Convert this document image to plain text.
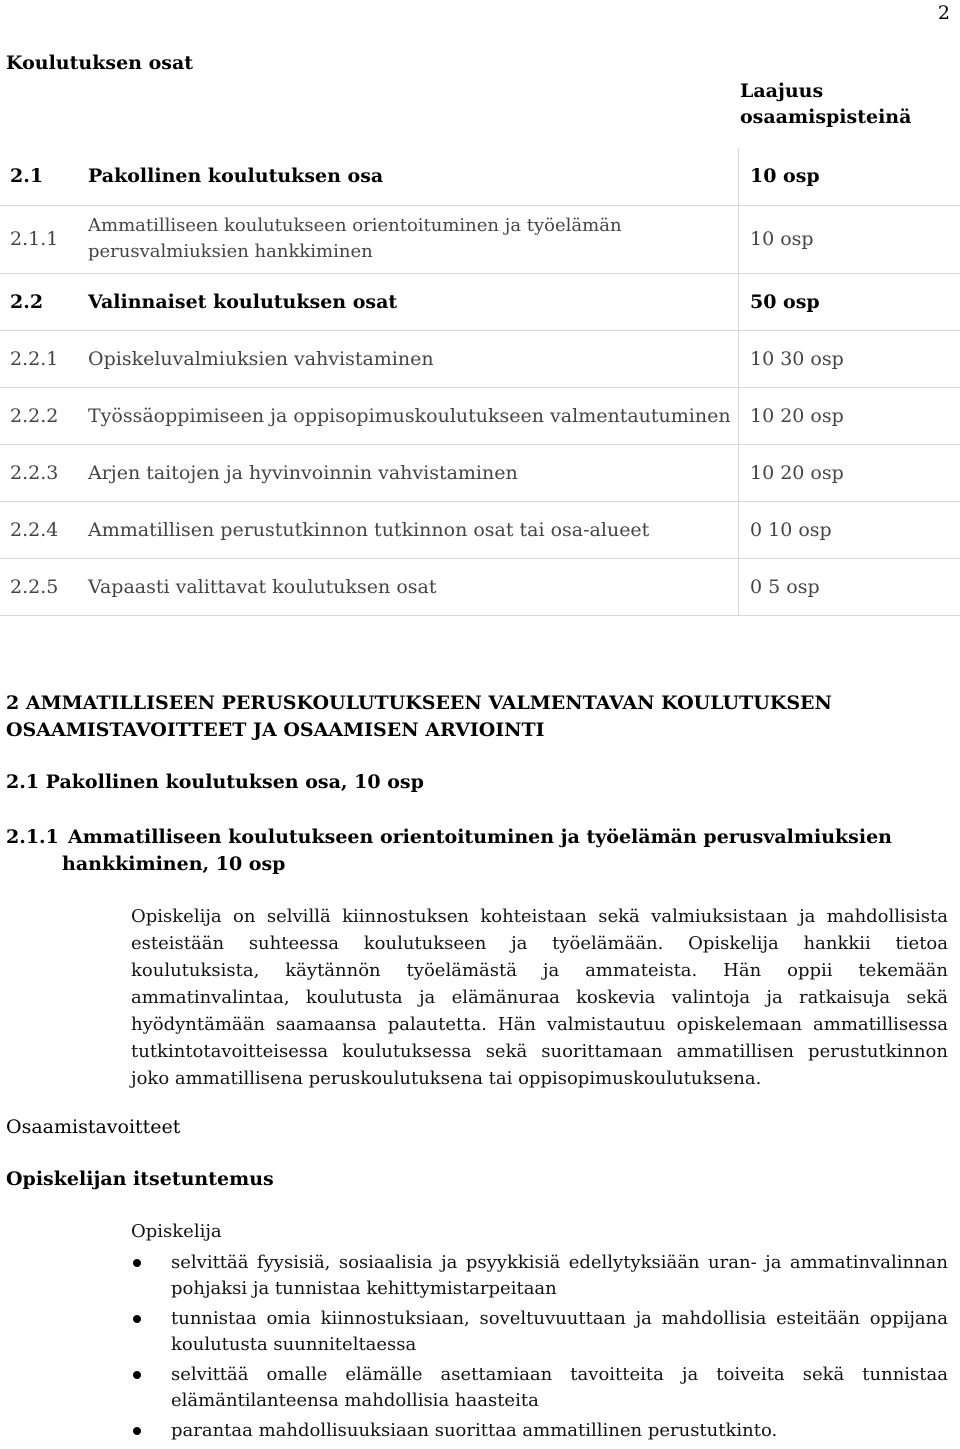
2
Koulutuksen osat
Laajuus
osaamispisteinä
2.1	Pakollinen koulutuksen osa	10 osp
2.1.1	Ammatilliseen koulutukseen orientoituminen ja työelämän perusvalmiuksien hankkiminen	10 osp
2.2	Valinnaiset koulutuksen osat	50 osp
2.2.1	Opiskeluvalmiuksien vahvistaminen	10 30 osp
2.2.2	Työssäoppimiseen ja oppisopimuskoulutukseen valmentautuminen	10 20 osp
2.2.3	Arjen taitojen ja hyvinvoinnin vahvistaminen	10 20 osp
2.2.4	Ammatillisen perustutkinnon tutkinnon osat tai osa-alueet	0 10 osp
2.2.5	Vapaasti valittavat koulutuksen osat	0 5 osp
2 AMMATILLISEEN PERUSKOULUTUKSEEN VALMENTAVAN KOULUTUKSEN OSAAMISTAVOITTEET JA OSAAMISEN ARVIOINTI
2.1 Pakollinen koulutuksen osa, 10 osp
2.1.1 Ammatilliseen koulutukseen orientoituminen ja työelämän perusvalmiuksien
hankkiminen, 10 osp
Opiskelija on selvillä kiinnostuksen kohteistaan sekä valmiuksistaan ja mahdollisista esteistään suhteessa koulutukseen ja työelämään. Opiskelija hankkii tietoa koulutuksista, käytännön työelämästä ja ammateista. Hän oppii tekemään ammatinvalintaa, koulutusta ja elämänuraa koskevia valintoja ja ratkaisuja sekä hyödyntämään saamaansa palautetta. Hän valmistautuu opiskelemaan ammatillisessa tutkintotavoitteisessa koulutuksessa sekä suorittamaan ammatillisen perustutkinnon joko ammatillisena peruskoulutuksena tai oppisopimuskoulutuksena.
Osaamistavoitteet
Opiskelijan itsetuntemus
Opiskelija
selvittää fyysisiä, sosiaalisia ja psyykkisiä edellytyksiään uran- ja ammatinvalinnan pohjaksi ja tunnistaa kehittymistarpeitaan
tunnistaa omia kiinnostuksiaan, soveltuvuuttaan ja mahdollisia esteitään oppijana koulutusta suunniteltaessa
selvittää omalle elämälle asettamiaan tavoitteita ja toiveita sekä tunnistaa elämäntilanteensa mahdollisia haasteita
parantaa mahdollisuuksiaan suorittaa ammatillinen perustutkinto.
